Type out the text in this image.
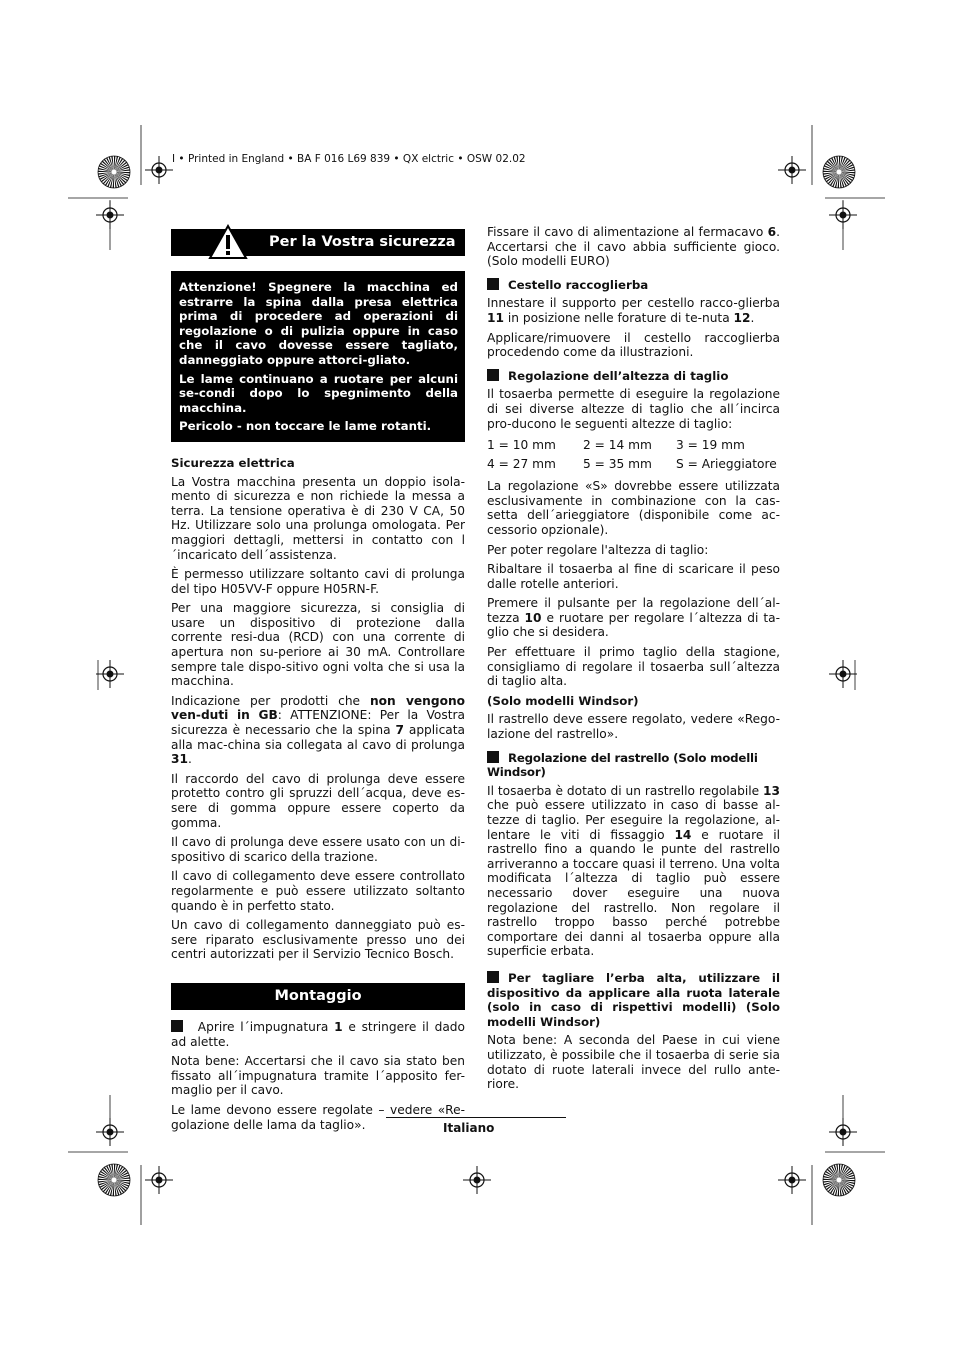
I • Printed in England • BA F 016 L69 839 • QX elctric • OSW 02.02
Per la Vostra sicurezza

Attenzione! Spegnere la macchina ed estrarre la spina dalla presa elettrica prima di procedere ad operazioni di regolazione o di pulizia oppure in caso che il cavo dovesse essere tagliato, danneggiato oppure attorci-gliato.

Le lame continuano a ruotare per alcuni se-condi dopo lo spegnimento della macchina.

Pericolo - non toccare le lame rotanti.

Sicurezza elettrica

La Vostra macchina presenta un doppio isola-mento di sicurezza e non richiede la messa a terra. La tensione operativa è di 230 V CA, 50 Hz. Utilizzare solo una prolunga omologata. Per maggiori dettagli, mettersi in contatto con l´incaricato dell´assistenza.

È permesso utilizzare soltanto cavi di prolunga del tipo H05VV-F oppure H05RN-F.

Per una maggiore sicurezza, si consiglia di usare un dispositivo di protezione dalla corrente resi-dua (RCD) con una corrente di apertura non su-periore ai 30 mA. Controllare sempre tale dispo-sitivo ogni volta che si usa la macchina.

Indicazione per prodotti che non vengono ven-duti in GB: ATTENZIONE: Per la Vostra sicurezza è necessario che la spina 7 applicata alla mac-china sia collegata al cavo di prolunga 31.

Il raccordo del cavo di prolunga deve essere protetto contro gli spruzzi dell´acqua, deve es-sere di gomma oppure essere coperto da gomma.

Il cavo di prolunga deve essere usato con un di-spositivo di scarico della trazione.

Il cavo di collegamento deve essere controllato regolarmente e può essere utilizzato soltanto quando è in perfetto stato.

Un cavo di collegamento danneggiato può es-sere riparato esclusivamente presso uno dei centri autorizzati per il Servizio Tecnico Bosch.

Montaggio

Aprire l´impugnatura 1 e stringere il dado ad alette.

Nota bene: Accertarsi che il cavo sia stato ben fissato all´impugnatura tramite l´apposito fer-maglio per il cavo.

Le lame devono essere regolate – vedere «Re-golazione delle lama da taglio».

Fissare il cavo di alimentazione al fermacavo 6. Accertarsi che il cavo abbia sufficiente gioco. (Solo modelli EURO)

Cestello raccoglierba

Innestare il supporto per cestello racco-glierba 11 in posizione nelle forature di te-nuta 12.

Applicare/rimuovere il cestello raccoglierba procedendo come da illustrazioni.

Regolazione dell’altezza di taglio

Il tosaerba permette di eseguire la regolazione di sei diverse altezze di taglio che all´incirca pro-ducono le seguenti altezze di taglio:

1 = 10 mm	2 = 14 mm	3 = 19 mm
4 = 27 mm	5 = 35 mm	S = Arieggiatore

La regolazione «S» dovrebbe essere utilizzata esclusivamente in combinazione con la cas-setta dell´arieggiatore (disponibile come ac-cessorio opzionale).

Per poter regolare l'altezza di taglio:

Ribaltare il tosaerba al fine di scaricare il peso dalle rotelle anteriori.

Premere il pulsante per la regolazione dell´al-tezza 10 e ruotare per regolare l´altezza di ta-glio che si desidera.

Per effettuare il primo taglio della stagione, consigliamo di regolare il tosaerba sull´altezza di taglio alta.

(Solo modelli Windsor)

Il rastrello deve essere regolato, vedere «Rego-lazione del rastrello».

Regolazione del rastrello (Solo modelli Windsor)

Il tosaerba è dotato di un rastrello regolabile 13 che può essere utilizzato in caso di basse al-tezze di taglio. Per eseguire la regolazione, al-lentare le viti di fissaggio 14 e ruotare il rastrello fino a quando le punte del rastrello arriveranno a toccare quasi il terreno. Una volta modificata l´altezza di taglio può essere necessario dover eseguire una nuova regolazione del rastrello. Non regolare il rastrello troppo basso perché potrebbe comportare dei danni al tosaerba oppure alla superficie erbata.

Per tagliare l’erba alta, utilizzare il dispositivo da applicare alla ruota laterale (solo in caso di rispettivi modelli) (Solo modelli Windsor)

Nota bene: A seconda del Paese in cui viene utilizzato, è possibile che il tosaerba di serie sia dotato di ruote laterali invece del rullo ante-riore.

Italiano
